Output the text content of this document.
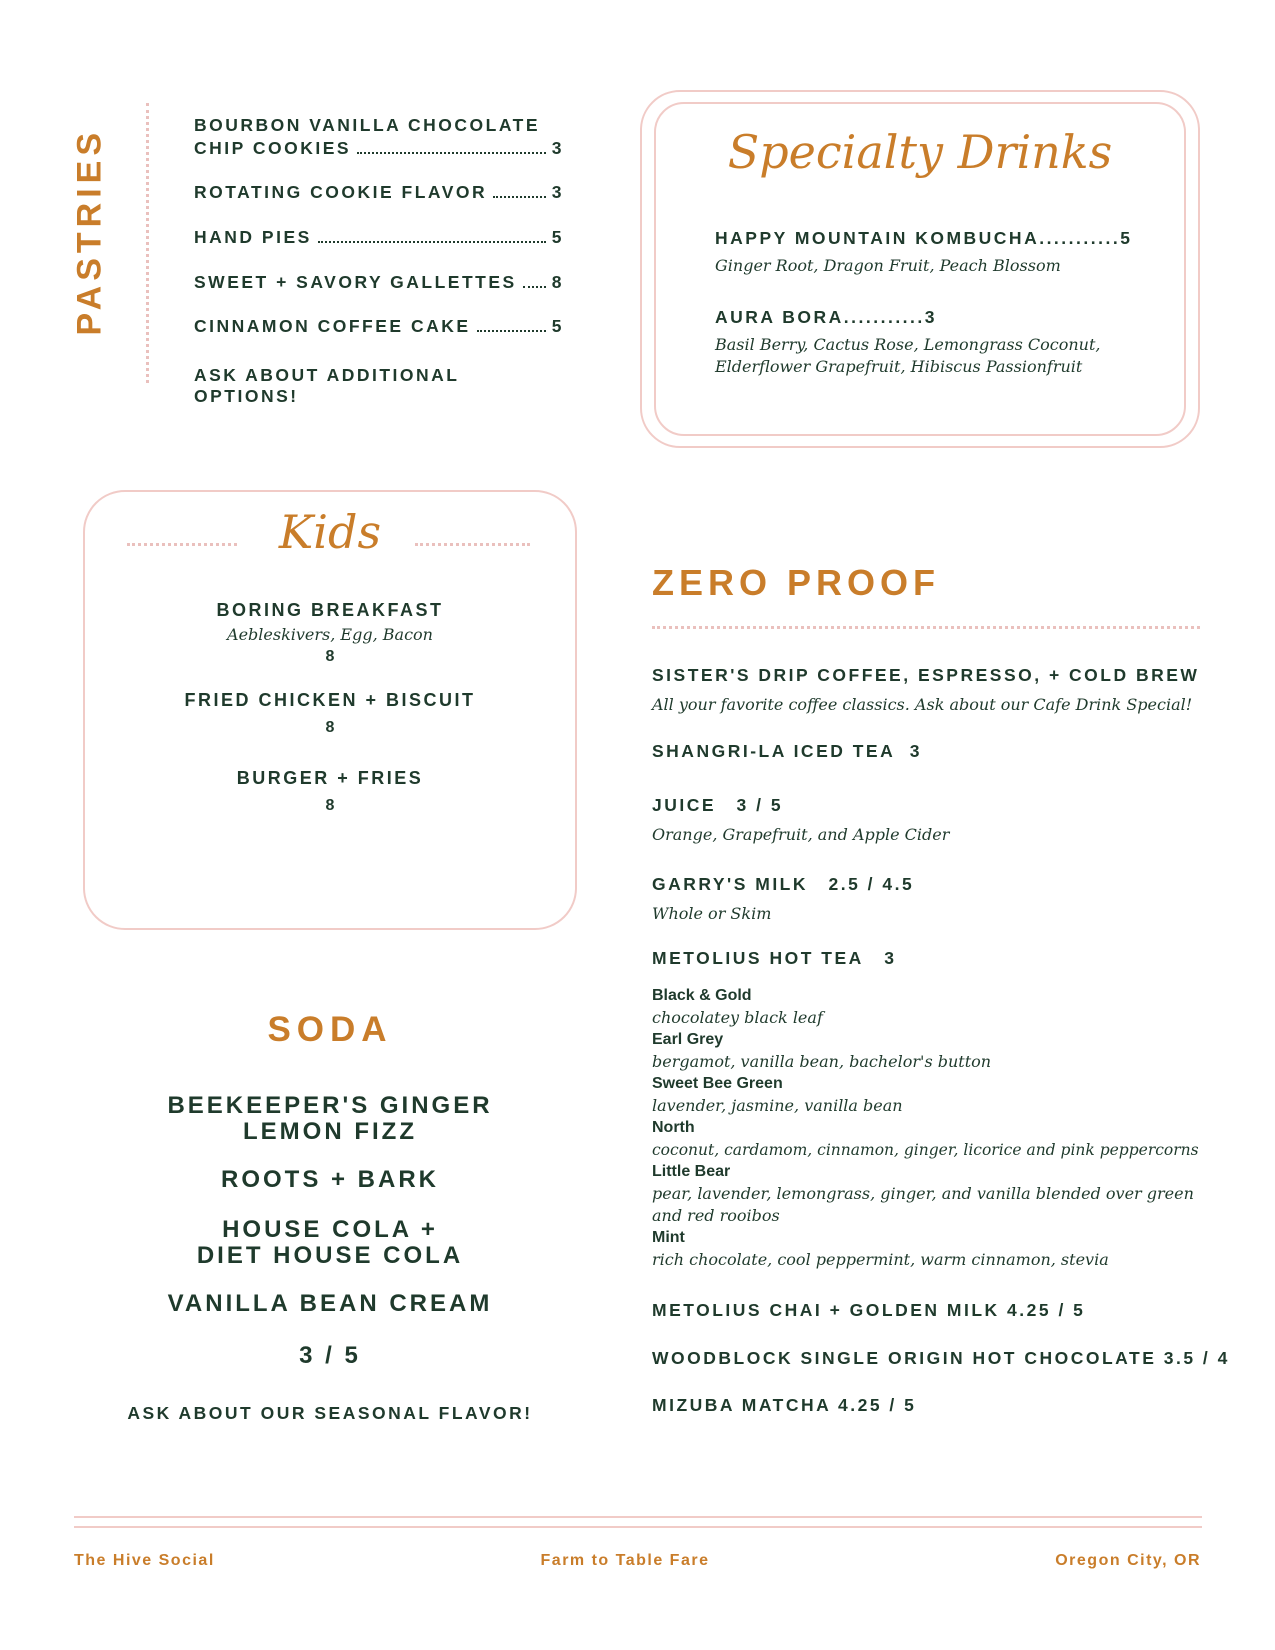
PASTRIES
BOURBON VANILLA CHOCOLATE
CHIP COOKIES	3
ROTATING COOKIE FLAVOR	3
HAND PIES	5
SWEET + SAVORY GALLETTES 8
CINNAMON COFFEE CAKE	5
ASK ABOUT ADDITIONAL OPTIONS!
Specialty Drinks
HAPPY MOUNTAIN KOMBUCHA...........5
Ginger Root, Dragon Fruit, Peach Blossom
AURA BORA...........3
Basil Berry, Cactus Rose, Lemongrass Coconut,
Elderflower Grapefruit, Hibiscus Passionfruit
Kids
BORING BREAKFAST
Aebleskivers, Egg, Bacon
8
FRIED CHICKEN + BISCUIT
8
BURGER + FRIES
8
SODA
BEEKEEPER'S GINGER
LEMON FIZZ
ROOTS + BARK
HOUSE COLA +
DIET HOUSE COLA
VANILLA BEAN CREAM
3 / 5
ASK ABOUT OUR SEASONAL FLAVOR!
ZERO PROOF
SISTER'S DRIP COFFEE, ESPRESSO, + COLD BREW
All your favorite coffee classics. Ask about our Cafe Drink Special!
SHANGRI-LA ICED TEA 3
JUICE 3 / 5
Orange, Grapefruit, and Apple Cider
GARRY'S MILK 2.5 / 4.5
Whole or Skim
METOLIUS HOT TEA 3
Black & Gold
chocolatey black leaf
Earl Grey
bergamot, vanilla bean, bachelor's button
Sweet Bee Green
lavender, jasmine, vanilla bean
North
coconut, cardamom, cinnamon, ginger, licorice and pink peppercorns
Little Bear
pear, lavender, lemongrass, ginger, and vanilla blended over green and red rooibos
Mint
rich chocolate, cool peppermint, warm cinnamon, stevia
METOLIUS CHAI + GOLDEN MILK 4.25 / 5
WOODBLOCK SINGLE ORIGIN HOT CHOCOLATE 3.5 / 4
MIZUBA MATCHA 4.25 / 5
The Hive Social	Farm to Table Fare	Oregon City, OR
